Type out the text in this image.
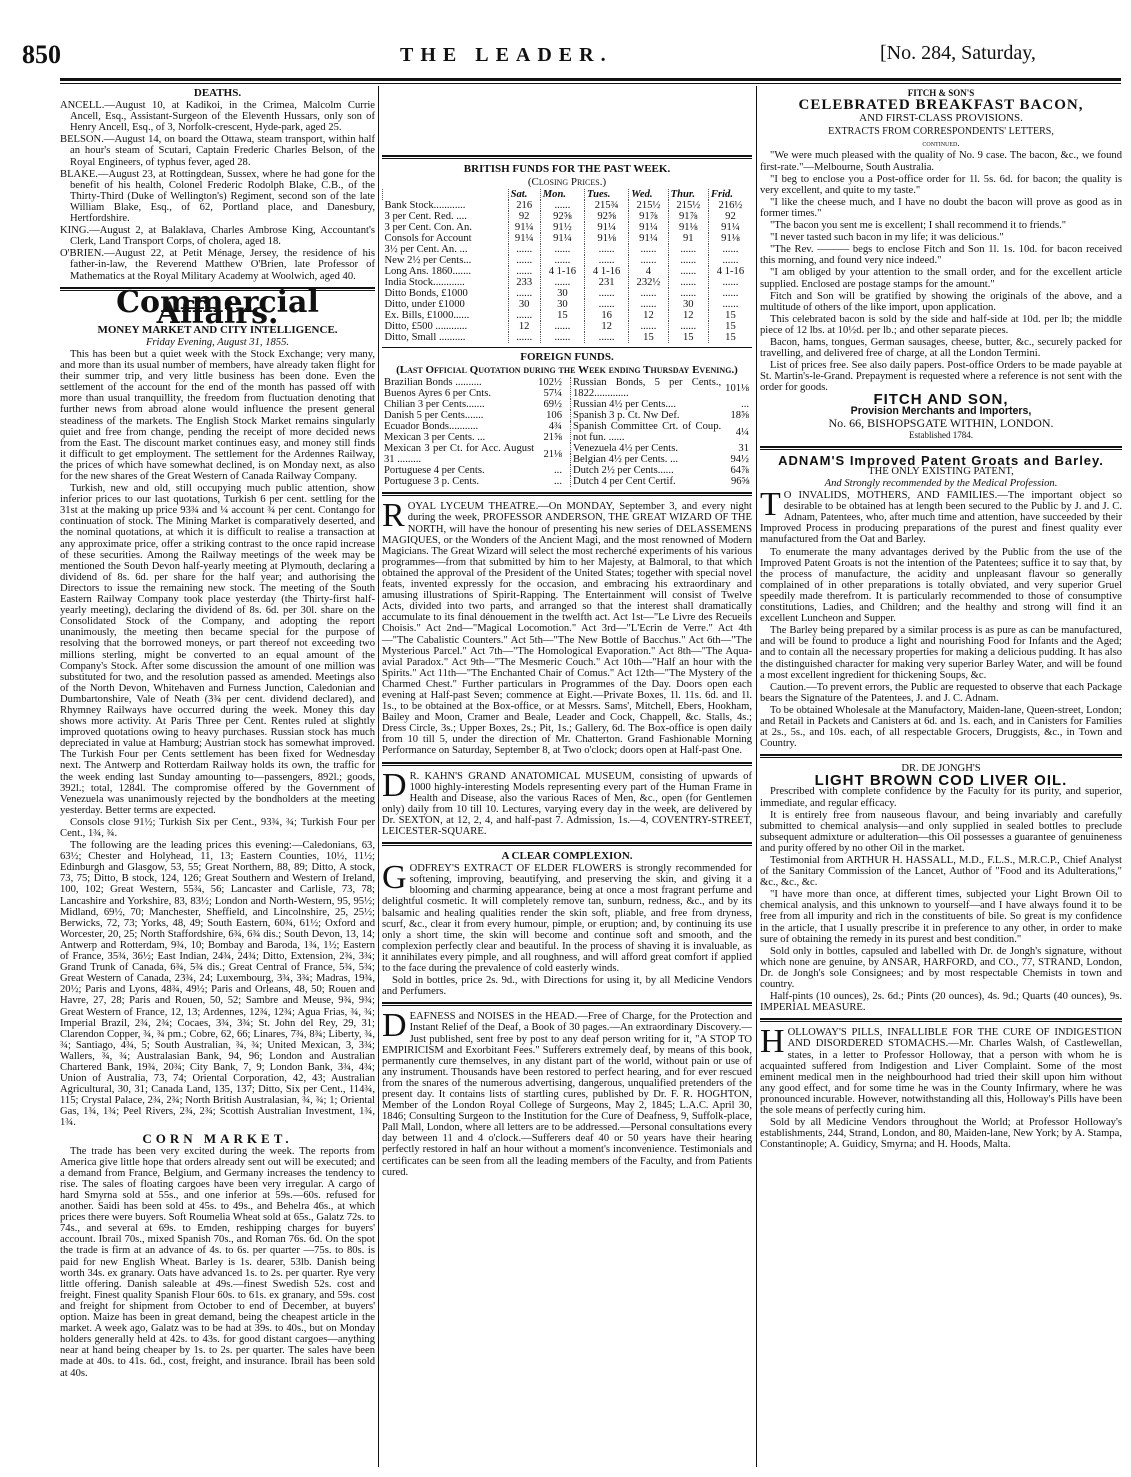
850	THE LEADER.	[No. 284, Saturday,
DEATHS.

ANCELL.—August 10, at Kadikoi, in the Crimea, Malcolm Currie Ancell, Esq., Assistant-Surgeon of the Eleventh Hussars, only son of Henry Ancell, Esq., of 3, Norfolk-crescent, Hyde-park, aged 25.

BELSON.—August 14, on board the Ottawa, steam transport, within half an hour's steam of Scutari, Captain Frederic Charles Belson, of the Royal Engineers, of typhus fever, aged 28.

BLAKE.—August 23, at Rottingdean, Sussex, where he had gone for the benefit of his health, Colonel Frederic Rodolph Blake, C.B., of the Thirty-Third (Duke of Wellington's) Regiment, second son of the late William Blake, Esq., of 62, Portland place, and Danesbury, Hertfordshire.

KING.—August 2, at Balaklava, Charles Ambrose King, Accountant's Clerk, Land Transport Corps, of cholera, aged 18.

O'BRIEN.—August 22, at Petit Ménage, Jersey, the residence of his father-in-law, the Reverend Matthew O'Brien, late Professor of Mathematics at the Royal Military Academy at Woolwich, aged 40.

Commercial Affairs.
MONEY MARKET AND CITY INTELLIGENCE.

Friday Evening, August 31, 1855.

This has been but a quiet week with the Stock Exchange; very many, and more than its usual number of members, have already taken flight for their summer trip, and very little business has been done. Even the settlement of the account for the end of the month has passed off with more than usual tranquillity, the freedom from fluctuation denoting that further news from abroad alone would influence the present general steadiness of the markets. The English Stock Market remains singularly quiet and free from change, pending the receipt of more decided news from the East. The discount market continues easy, and money still finds it difficult to get employment. The settlement for the Ardennes Railway, the prices of which have somewhat declined, is on Monday next, as also for the new shares of the Great Western of Canada Railway Company.

Turkish, new and old, still occupying much public attention, show inferior prices to our last quotations, Turkish 6 per cent. settling for the 31st at the making up price 93¾ and ¼ account ¾ per cent. Contango for continuation of stock. The Mining Market is comparatively deserted, and the nominal quotations, at which it is difficult to realise a transaction at any approximate price, offer a striking contrast to the once rapid increase of these securities. Among the Railway meetings of the week may be mentioned the South Devon half-yearly meeting at Plymouth, declaring a dividend of 8s. 6d. per share for the half year; and authorising the Directors to issue the remaining new stock. The meeting of the South Eastern Railway Company took place yesterday (the Thirty-first half-yearly meeting), declaring the dividend of 8s. 6d. per 30l. share on the Consolidated Stock of the Company, and adopting the report unanimously, the meeting then became special for the purpose of resolving that the borrowed moneys, or part thereof not exceeding two millions sterling, might be converted to an equal amount of the Company's Stock. After some discussion the amount of one million was substituted for two, and the resolution passed as amended. Meetings also of the North Devon, Whitehaven and Furness Junction, Caledonian and Dumbartonshire, Vale of Neath (3¾ per cent. dividend declared), and Rhymney Railways have occurred during the week. Money this day shows more activity. At Paris Three per Cent. Rentes ruled at slightly improved quotations owing to heavy purchases. Russian stock has much depreciated in value at Hamburg; Austrian stock has somewhat improved. The Turkish Four per Cents settlement has been fixed for Wednesday next. The Antwerp and Rotterdam Railway holds its own, the traffic for the week ending last Sunday amounting to—passengers, 892l.; goods, 392l.; total, 1284l. The compromise offered by the Government of Venezuela was unanimously rejected by the bondholders at the meeting yesterday. Better terms are expected.

Consols close 91½; Turkish Six per Cent., 93¾, ¾; Turkish Four per Cent., 1¾, ¾.

The following are the leading prices this evening:—Caledonians, 63, 63½; Chester and Holyhead, 11, 13; Eastern Counties, 10½, 11½; Edinburgh and Glasgow, 53, 55; Great Northern, 88, 89; Ditto, A stock, 73, 75; Ditto, B stock, 124, 126; Great Southern and Western of Ireland, 100, 102; Great Western, 55¾, 56; Lancaster and Carlisle, 73, 78; Lancashire and Yorkshire, 83, 83½; London and North-Western, 95, 95½; Midland, 69½, 70; Manchester, Sheffield, and Lincolnshire, 25, 25½; Berwicks, 72, 73; Yorks, 48, 49; South Eastern, 60¾, 61½; Oxford and Worcester, 20, 25; North Staffordshire, 6¾, 6¾ dis.; South Devon, 13, 14; Antwerp and Rotterdam, 9¾, 10; Bombay and Baroda, 1¾, 1½; Eastern of France, 35¾, 36½; East Indian, 24¾, 24¾; Ditto, Extension, 2¾, 3¾; Grand Trunk of Canada, 6¾, 5¾ dis.; Great Central of France, 5¾, 5¾; Great Western of Canada, 23¾, 24; Luxembourg, 3¾, 3¾; Madras, 19¾, 20½; Paris and Lyons, 48¾, 49½; Paris and Orleans, 48, 50; Rouen and Havre, 27, 28; Paris and Rouen, 50, 52; Sambre and Meuse, 9¾, 9¾; Great Western of France, 12, 13; Ardennes, 12¾, 12¾; Agua Frias, ¾, ¾; Imperial Brazil, 2¾, 2¾; Cocaes, 3¾, 3¾; St. John del Rey, 29, 31; Clarendon Copper, ¾, ¾ pm.; Cobre, 62, 66; Linares, 7¾, 8¾; Liberty, ¾, ¾; Santiago, 4¾, 5; South Australian, ¾, ¾; United Mexican, 3, 3¾; Wallers, ¾, ¾; Australasian Bank, 94, 96; London and Australian Chartered Bank, 19¾, 20¾; City Bank, 7, 9; London Bank, 3¾, 4¾; Union of Australia, 73, 74; Oriental Corporation, 42, 43; Australian Agricultural, 30, 31; Canada Land, 135, 137; Ditto, Six per Cent., 114¾, 115; Crystal Palace, 2¾, 2¾; North British Australasian, ¾, ¾; 1; Oriental Gas, 1¾, 1¾; Peel Rivers, 2¾, 2¾; Scottish Australian Investment, 1¾, 1¾.

CORN MARKET.

The trade has been very excited during the week. The reports from America give little hope that orders already sent out will be executed; and a demand from France, Belgium, and Germany increases the tendency to rise. The sales of floating cargoes have been very irregular. A cargo of hard Smyrna sold at 55s., and one inferior at 59s.—60s. refused for another. Saidi has been sold at 45s. to 49s., and Behelra 46s., at which prices there were buyers. Soft Roumelia Wheat sold at 65s., Galatz 72s. to 74s., and several at 69s. to Emden, reshipping charges for buyers' account. Ibrail 70s., mixed Spanish 70s., and Roman 76s. 6d. On the spot the trade is firm at an advance of 4s. to 6s. per quarter —75s. to 80s. is paid for new English Wheat. Barley is 1s. dearer, 53lb. Danish being worth 34s. ex granary. Oats have advanced 1s. to 2s. per quarter. Rye very little offering. Danish saleable at 49s.—finest Swedish 52s. cost and freight. Finest quality Spanish Flour 60s. to 61s. ex granary, and 59s. cost and freight for shipment from October to end of December, at buyers' option. Maize has been in great demand, being the cheapest article in the market. A week ago, Galatz was to be had at 39s. to 40s., but on Monday holders generally held at 42s. to 43s. for good distant cargoes—anything near at hand being cheaper by 1s. to 2s. per quarter. The sales have been made at 40s. to 41s. 6d., cost, freight, and insurance. Ibrail has been sold at 40s.

BRITISH FUNDS FOR THE PAST WEEK.
(Closing Prices.)
	Sat.	Mon.	Tues.	Wed.	Thur.	Frid.
Bank Stock............	216	......	215¾	215½	215½	216½
3 per Cent. Red. ....	92	92⅝	92⅝	91⅞	91⅞	92
3 per Cent. Con. An.	91¼	91½	91¼	91¼	91⅛	91¼
Consols for Account	91¼	91¼	91⅛	91¼	91	91⅛
3½ per Cent. An. ...	......	......	......	......	......	......
New 2½ per Cents...	......	......	......	......	......	......
Long Ans. 1860.......	......	4 1-16	4 1-16	4	......	4 1-16
India Stock............	233	......	231	232½	......	......
Ditto Bonds, £1000	......	30	......	......	......	......
Ditto, under £1000	30	30	......	......	30	......
Ex. Bills, £1000......	......	15	16	12	12	15
Ditto, £500 ............	12	......	12	......	......	15
Ditto, Small ..........	......	......	......	15	15	15
FOREIGN FUNDS.
(Last Official Quotation during the Week ending Thursday Evening.)
Brazilian Bonds ..........	102½
Buenos Ayres 6 per Cnts.	57¼
Chilian 3 per Cents.......	69½
Danish 5 per Cents.......	106
Ecuador Bonds...........	4¾
Mexican 3 per Cents. ...	21⅝
Mexican 3 per Ct. for Acc. August 31 .........	21⅛
Portuguese 4 per Cents.	...
Portuguese 3 p. Cents.	...
Russian Bonds, 5 per Cents., 1822.............	101⅛
Russian 4½ per Cents....	...
Spanish 3 p. Ct. Nw Def.	18⅝
Spanish Committee Crt. of Coup. not fun. ......	4¼
Venezuela 4½ per Cents.	31
Belgian 4½ per Cents. ...	94½
Dutch 2½ per Cents......	64⅞
Dutch 4 per Cent Certif.	96⅝

ROYAL LYCEUM THEATRE.—On MONDAY, September 3, and every night during the week, PROFESSOR ANDERSON, THE GREAT WIZARD OF THE NORTH, will have the honour of presenting his new series of DELASSEMENS MAGIQUES, or the Wonders of the Ancient Magi, and the most renowned of Modern Magicians. The Great Wizard will select the most recherché experiments of his various programmes—from that submitted by him to her Majesty, at Balmoral, to that which obtained the approval of the President of the United States; together with special novel feats, invented expressly for the occasion, and embracing his extraordinary and amusing illustrations of Spirit-Rapping. The Entertainment will consist of Twelve Acts, divided into two parts, and arranged so that the interest shall dramatically accumulate to its final dénouement in the twelfth act. Act 1st—"Le Livre des Recueils Choisis." Act 2nd—"Magical Locomotion." Act 3rd—"L'Ecrin de Verre." Act 4th—"The Cabalistic Counters." Act 5th—"The New Bottle of Bacchus." Act 6th—"The Mysterious Parcel." Act 7th—"The Homological Evaporation." Act 8th—"The Aqua-avial Paradox." Act 9th—"The Mesmeric Couch." Act 10th—"Half an hour with the Spirits." Act 11th—"The Enchanted Chair of Comus." Act 12th—"The Mystery of the Charmed Chest." Further particulars in Programmes of the Day. Doors open each evening at Half-past Seven; commence at Eight.—Private Boxes, 1l. 11s. 6d. and 1l. 1s., to be obtained at the Box-office, or at Messrs. Sams', Mitchell, Ebers, Hookham, Bailey and Moon, Cramer and Beale, Leader and Cock, Chappell, &c. Stalls, 4s.; Dress Circle, 3s.; Upper Boxes, 2s.; Pit, 1s.; Gallery, 6d. The Box-office is open daily from 10 till 5, under the direction of Mr. Chatterton. Grand Fashionable Morning Performance on Saturday, September 8, at Two o'clock; doors open at Half-past One.

D R. KAHN'S GRAND ANATOMICAL MUSEUM, consisting of upwards of 1000 highly-interesting Models representing every part of the Human Frame in Health and Disease, also the various Races of Men, &c., open (for Gentlemen only) daily from 10 till 10. Lectures, varying every day in the week, are delivered by Dr. SEXTON, at 12, 2, 4, and half-past 7. Admission, 1s.—4, COVENTRY-STREET, LEICESTER-SQUARE.

A CLEAR COMPLEXION.

GODFREY'S EXTRACT OF ELDER FLOWERS is strongly recommended for softening, improving, beautifying, and preserving the skin, and giving it a blooming and charming appearance, being at once a most fragrant perfume and delightful cosmetic. It will completely remove tan, sunburn, redness, &c., and by its balsamic and healing qualities render the skin soft, pliable, and free from dryness, scurf, &c., clear it from every humour, pimple, or eruption; and, by continuing its use only a short time, the skin will become and continue soft and smooth, and the complexion perfectly clear and beautiful. In the process of shaving it is invaluable, as it annihilates every pimple, and all roughness, and will afford great comfort if applied to the face during the prevalence of cold easterly winds.

Sold in bottles, price 2s. 9d., with Directions for using it, by all Medicine Vendors and Perfumers.

DEAFNESS and NOISES in the HEAD.—Free of Charge, for the Protection and Instant Relief of the Deaf, a Book of 30 pages.—An extraordinary Discovery.—Just published, sent free by post to any deaf person writing for it, "A STOP TO EMPIRICISM and Exorbitant Fees." Sufferers extremely deaf, by means of this book, permanently cure themselves, in any distant part of the world, without pain or use of any instrument. Thousands have been restored to perfect hearing, and for ever rescued from the snares of the numerous advertising, dangerous, unqualified pretenders of the present day. It contains lists of startling cures, published by Dr. F. R. HOGHTON, Member of the London Royal College of Surgeons, May 2, 1845; L.A.C. April 30, 1846; Consulting Surgeon to the Institution for the Cure of Deafness, 9, Suffolk-place, Pall Mall, London, where all letters are to be addressed.—Personal consultations every day between 11 and 4 o'clock.—Sufferers deaf 40 or 50 years have their hearing perfectly restored in half an hour without a moment's inconvenience. Testimonials and certificates can be seen from all the leading members of the Faculty, and from Patients cured.

FITCH & SON'S
CELEBRATED BREAKFAST BACON,
AND FIRST-CLASS PROVISIONS.
EXTRACTS FROM CORRESPONDENTS' LETTERS,

continued.

"We were much pleased with the quality of No. 9 case. The bacon, &c., we found first-rate."—Melbourne, South Australia.

"I beg to enclose you a Post-office order for 1l. 5s. 6d. for bacon; the quality is very excellent, and quite to my taste."

"I like the cheese much, and I have no doubt the bacon will prove as good as in former times."

"The bacon you sent me is excellent; I shall recommend it to friends."

"I never tasted such bacon in my life; it was delicious."

"The Rev. ——— begs to enclose Fitch and Son 1l. 1s. 10d. for bacon received this morning, and found very nice indeed."

"I am obliged by your attention to the small order, and for the excellent article supplied. Enclosed are postage stamps for the amount."

Fitch and Son will be gratified by showing the originals of the above, and a multitude of others of the like import, upon application.

This celebrated bacon is sold by the side and half-side at 10d. per lb; the middle piece of 12 lbs. at 10½d. per lb.; and other separate pieces.

Bacon, hams, tongues, German sausages, cheese, butter, &c., securely packed for travelling, and delivered free of charge, at all the London Termini.

List of prices free. See also daily papers. Post-office Orders to be made payable at St. Martin's-le-Grand. Prepayment is requested where a reference is not sent with the order for goods.

FITCH AND SON,

Provision Merchants and Importers,

No. 66, BISHOPSGATE WITHIN, LONDON.

Established 1784.

ADNAM'S Improved Patent Groats and Barley.

THE ONLY EXISTING PATENT,

And Strongly recommended by the Medical Profession.

T O INVALIDS, MOTHERS, AND FAMILIES.—The important object so desirable to be obtained has at length been secured to the Public by J. and J. C. Adnam, Patentees, who, after much time and attention, have succeeded by their Improved Process in producing preparations of the purest and finest quality ever manufactured from the Oat and Barley.

To enumerate the many advantages derived by the Public from the use of the Improved Patent Groats is not the intention of the Patentees; suffice it to say that, by the process of manufacture, the acidity and unpleasant flavour so generally complained of in other preparations is totally obviated, and very superior Gruel speedily made therefrom. It is particularly recommended to those of consumptive constitutions, Ladies, and Children; and the healthy and strong will find it an excellent Luncheon and Supper.

The Barley being prepared by a similar process is as pure as can be manufactured, and will be found to produce a light and nourishing Food for Infants and the Aged; and to contain all the necessary properties for making a delicious pudding. It has also the distinguished character for making very superior Barley Water, and will be found a most excellent ingredient for thickening Soups, &c.

Caution.—To prevent errors, the Public are requested to observe that each Package bears the Signature of the Patentees, J. and J. C. Adnam.

To be obtained Wholesale at the Manufactory, Maiden-lane, Queen-street, London; and Retail in Packets and Canisters at 6d. and 1s. each, and in Canisters for Families at 2s., 5s., and 10s. each, of all respectable Grocers, Druggists, &c., in Town and Country.

DR. DE JONGH'S

LIGHT BROWN COD LIVER OIL.

Prescribed with complete confidence by the Faculty for its purity, and superior, immediate, and regular efficacy.

It is entirely free from nauseous flavour, and being invariably and carefully submitted to chemical analysis—and only supplied in sealed bottles to preclude subsequent admixture or adulteration—this Oil possesses a guarantee of genuineness and purity offered by no other Oil in the market.

Testimonial from ARTHUR H. HASSALL, M.D., F.L.S., M.R.C.P., Chief Analyst of the Sanitary Commission of the Lancet, Author of "Food and its Adulterations," &c., &c., &c.

"I have more than once, at different times, subjected your Light Brown Oil to chemical analysis, and this unknown to yourself—and I have always found it to be free from all impurity and rich in the constituents of bile. So great is my confidence in the article, that I usually prescribe it in preference to any other, in order to make sure of obtaining the remedy in its purest and best condition."

Sold only in bottles, capsuled and labelled with Dr. de Jongh's signature, without which none are genuine, by ANSAR, HARFORD, and CO., 77, STRAND, London, Dr. de Jongh's sole Consignees; and by most respectable Chemists in town and country.

Half-pints (10 ounces), 2s. 6d.; Pints (20 ounces), 4s. 9d.; Quarts (40 ounces), 9s. IMPERIAL MEASURE.

HOLLOWAY'S PILLS, INFALLIBLE FOR THE CURE OF INDIGESTION AND DISORDERED STOMACHS.—Mr. Charles Walsh, of Castlewellan, states, in a letter to Professor Holloway, that a person with whom he is acquainted suffered from Indigestion and Liver Complaint. Some of the most eminent medical men in the neighbourhood had tried their skill upon him without any good effect, and for some time he was in the County Infirmary, where he was pronounced incurable. However, notwithstanding all this, Holloway's Pills have been the sole means of perfectly curing him.

Sold by all Medicine Vendors throughout the World; at Professor Holloway's establishments, 244, Strand, London, and 80, Maiden-lane, New York; by A. Stampa, Constantinople; A. Guidicy, Smyrna; and H. Hoods, Malta.
